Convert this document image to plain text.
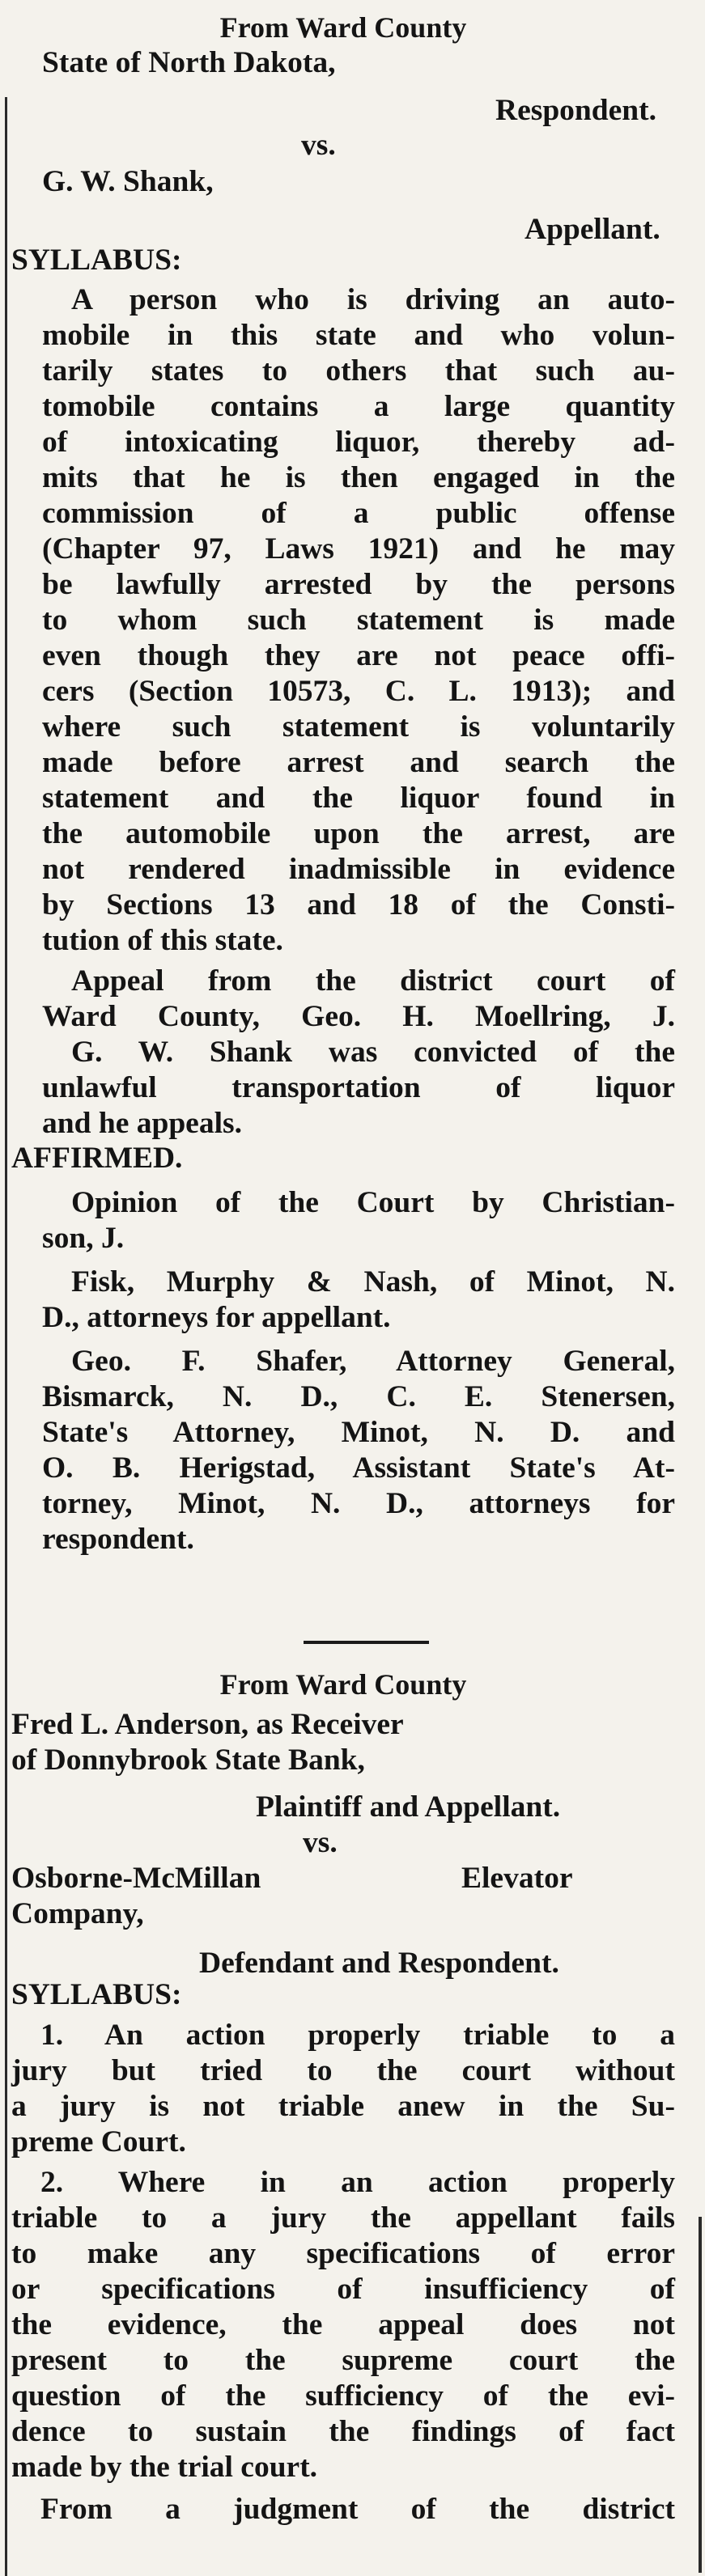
From Ward County
State of North Dakota,
Respondent.
vs.
G. W. Shank,
Appellant.
SYLLABUS:
A person who is driving an auto-
mobile in this state and who volun-
tarily states to others that such au-
tomobile contains a large quantity
of intoxicating liquor, thereby ad-
mits that he is then engaged in the
commission of a public offense
(Chapter 97, Laws 1921) and he may
be lawfully arrested by the persons
to whom such statement is made
even though they are not peace offi-
cers (Section 10573, C. L. 1913); and
where such statement is voluntarily
made before arrest and search the
statement and the liquor found in
the automobile upon the arrest, are
not rendered inadmissible in evidence
by Sections 13 and 18 of the Consti-
tution of this state.
Appeal from the district court of
Ward County, Geo. H. Moellring, J.
G. W. Shank was convicted of the
unlawful transportation of liquor
and he appeals.
AFFIRMED.
Opinion of the Court by Christian-
son, J.
Fisk, Murphy & Nash, of Minot, N.
D., attorneys for appellant.
Geo. F. Shafer, Attorney General,
Bismarck, N. D., C. E. Stenersen,
State's Attorney, Minot, N. D. and
O. B. Herigstad, Assistant State's At-
torney, Minot, N. D., attorneys for
respondent.
From Ward County
Fred L. Anderson, as Receiver
of Donnybrook State Bank,
Plaintiff and Appellant.
vs.
Osborne-McMillan	Elevator
Company,
Defendant and Respondent.
SYLLABUS:
1. An action properly triable to a
jury but tried to the court without
a jury is not triable anew in the Su-
preme Court.
2. Where in an action properly
triable to a jury the appellant fails
to make any specifications of error
or specifications of insufficiency of
the evidence, the appeal does not
present to the supreme court the
question of the sufficiency of the evi-
dence to sustain the findings of fact
made by the trial court.
From a judgment of the district
